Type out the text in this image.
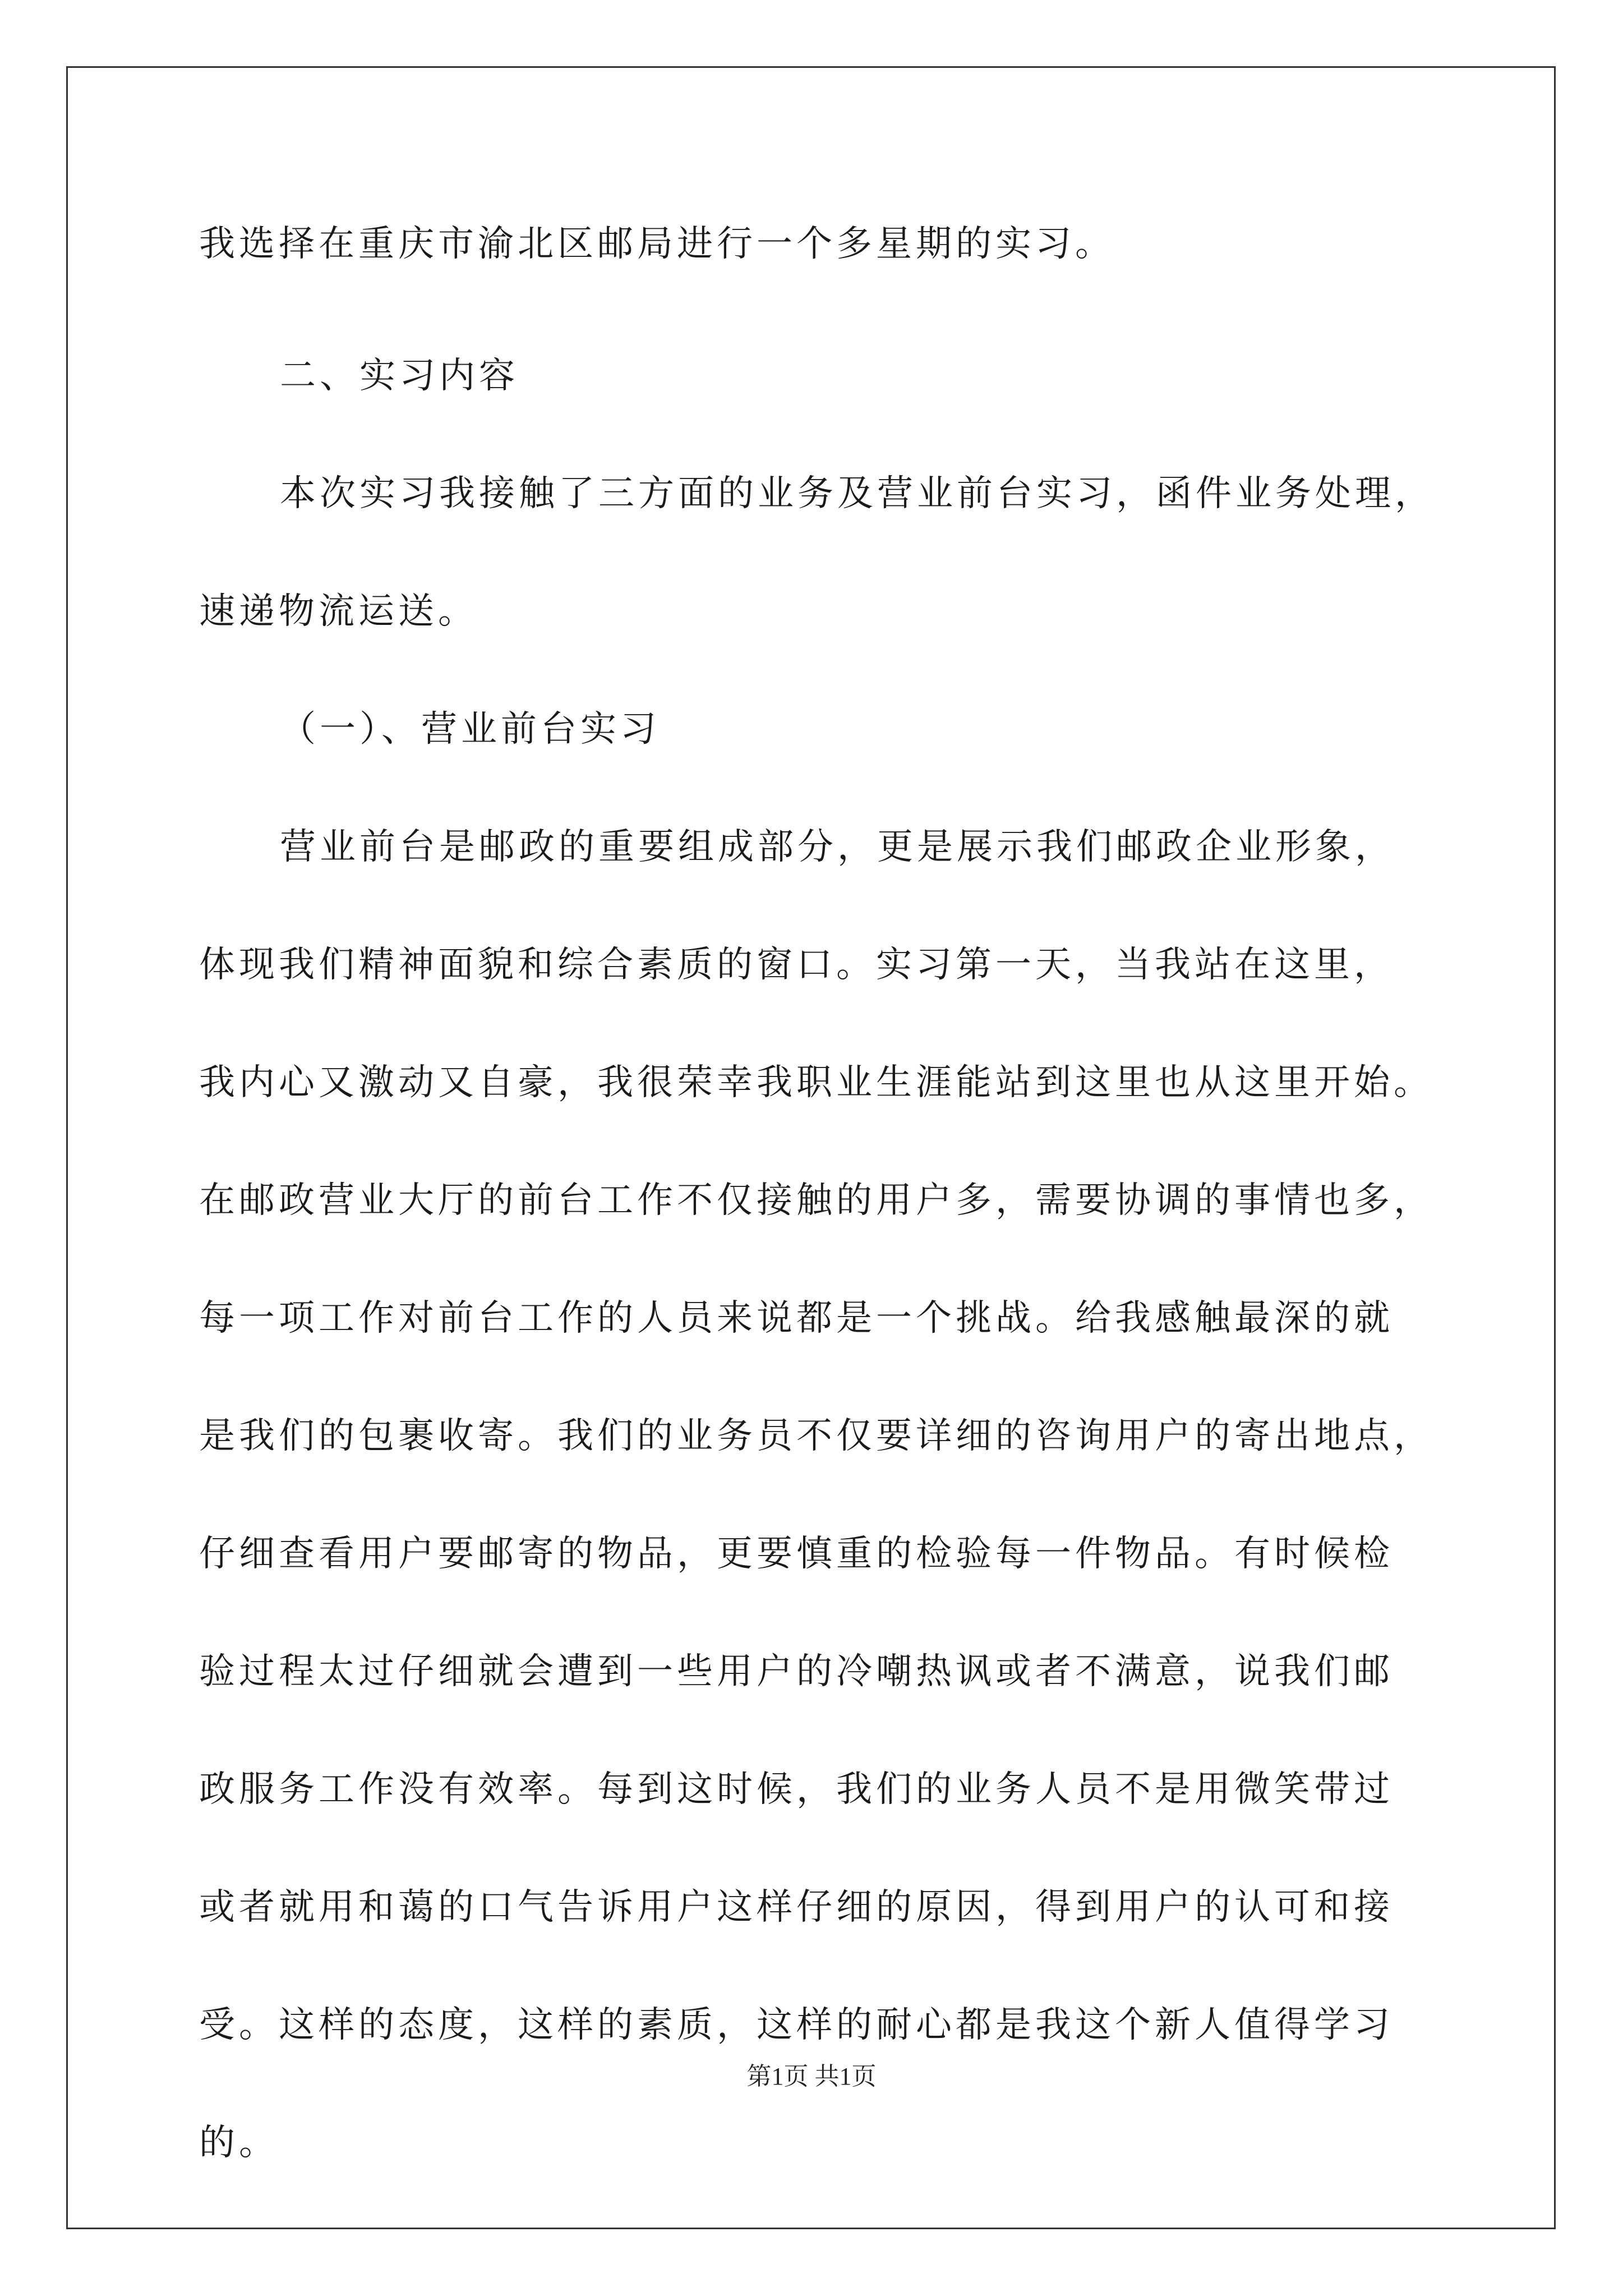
我选择在重庆市渝北区邮局进行一个多星期的实习。
二、实习内容
本次实习我接触了三方面的业务及营业前台实习，函件业务处理，
速递物流运送。
（一）、营业前台实习
营业前台是邮政的重要组成部分，更是展示我们邮政企业形象，
体现我们精神面貌和综合素质的窗口。实习第一天，当我站在这里，
我内心又激动又自豪，我很荣幸我职业生涯能站到这里也从这里开始。
在邮政营业大厅的前台工作不仅接触的用户多，需要协调的事情也多，
每一项工作对前台工作的人员来说都是一个挑战。给我感触最深的就
是我们的包裹收寄。我们的业务员不仅要详细的咨询用户的寄出地点，
仔细查看用户要邮寄的物品，更要慎重的检验每一件物品。有时候检
验过程太过仔细就会遭到一些用户的冷嘲热讽或者不满意，说我们邮
政服务工作没有效率。每到这时候，我们的业务人员不是用微笑带过
或者就用和蔼的口气告诉用户这样仔细的原因，得到用户的认可和接
受。这样的态度，这样的素质，这样的耐心都是我这个新人值得学习
的。
第1页 共1页
